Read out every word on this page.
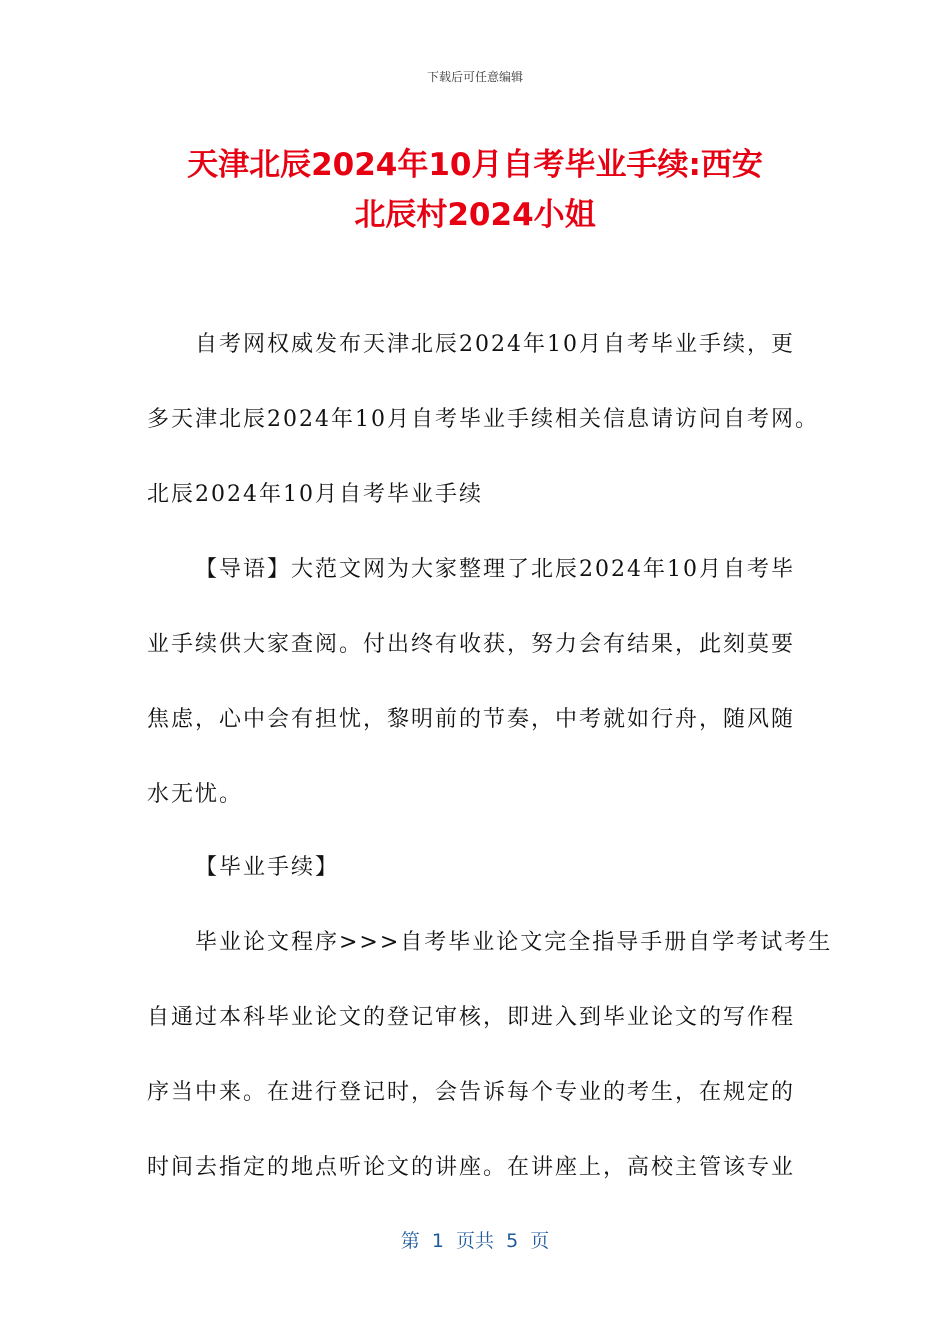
下载后可任意编辑
天津北辰2024年10月自考毕业手续:西安
北辰村2024小姐
自考网权威发布天津北辰2024年10月自考毕业手续，更
多天津北辰2024年10月自考毕业手续相关信息请访问自考网。
北辰2024年10月自考毕业手续
【导语】大范文网为大家整理了北辰2024年10月自考毕
业手续供大家查阅。付出终有收获，努力会有结果，此刻莫要
焦虑，心中会有担忧，黎明前的节奏，中考就如行舟，随风随
水无忧。
【毕业手续】
毕业论文程序>>>自考毕业论文完全指导手册自学考试考生
自通过本科毕业论文的登记审核，即进入到毕业论文的写作程
序当中来。在进行登记时，会告诉每个专业的考生，在规定的
时间去指定的地点听论文的讲座。在讲座上，高校主管该专业
第  1  页共  5  页
